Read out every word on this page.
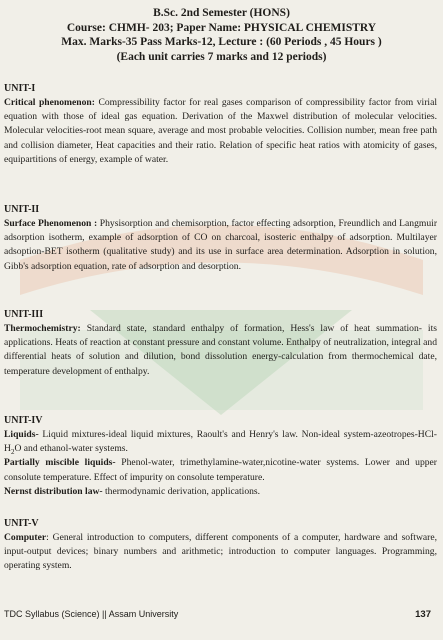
B.Sc. 2nd Semester (HONS)
Course: CHMH- 203; Paper Name: PHYSICAL CHEMISTRY
Max. Marks-35 Pass Marks-12, Lecture : (60 Periods , 45 Hours )
(Each unit carries 7 marks and 12 periods)
UNIT-I
Critical phenomenon: Compressibility factor for real gases comparison of compressibility factor from virial equation with those of ideal gas equation. Derivation of the Maxwel distribution of molecular velocities. Molecular velocities-root mean square, average and most probable velocities. Collision number, mean free path and collision diameter, Heat capacities and their ratio. Relation of specific heat ratios with atomicity of gases, equipartitions of energy, example of water.
UNIT-II
Surface Phenomenon : Physisorption and chemisorption, factor effecting adsorption, Freundlich and Langmuir adsorption isotherm, example of adsorption of CO on charcoal, isosteric enthalpy of adsorption. Multilayer adsoption-BET isotherm (qualitative study) and its use in surface area determination. Adsorption in solution, Gibb's adsorption equation, rate of adsorption and desorption.
UNIT-III
Thermochemistry: Standard state, standard enthalpy of formation, Hess's law of heat summation- its applications. Heats of reaction at constant pressure and constant volume. Enthalpy of neutralization, integral and differential heats of solution and dilution, bond dissolution energy-calculation from thermochemical date, temperature development of enthalpy.
UNIT-IV
Liquids- Liquid mixtures-ideal liquid mixtures, Raoult's and Henry's law. Non-ideal system-$azeotropes-HCl-H_2O$ and ethanol-water systems.
Partially miscible liquids- Phenol-water, trimethylamine-water,nicotine-water systems. Lower and upper consolute temperature. Effect of impurity on consolute temperature.
Nernst distribution law- thermodynamic derivation, applications.
UNIT-V
Computer: General introduction to computers, different components of a computer, hardware and software, input-output devices; binary numbers and arithmetic; introduction to computer languages. Programming, operating system.
TDC Syllabus (Science) || Assam University	137
